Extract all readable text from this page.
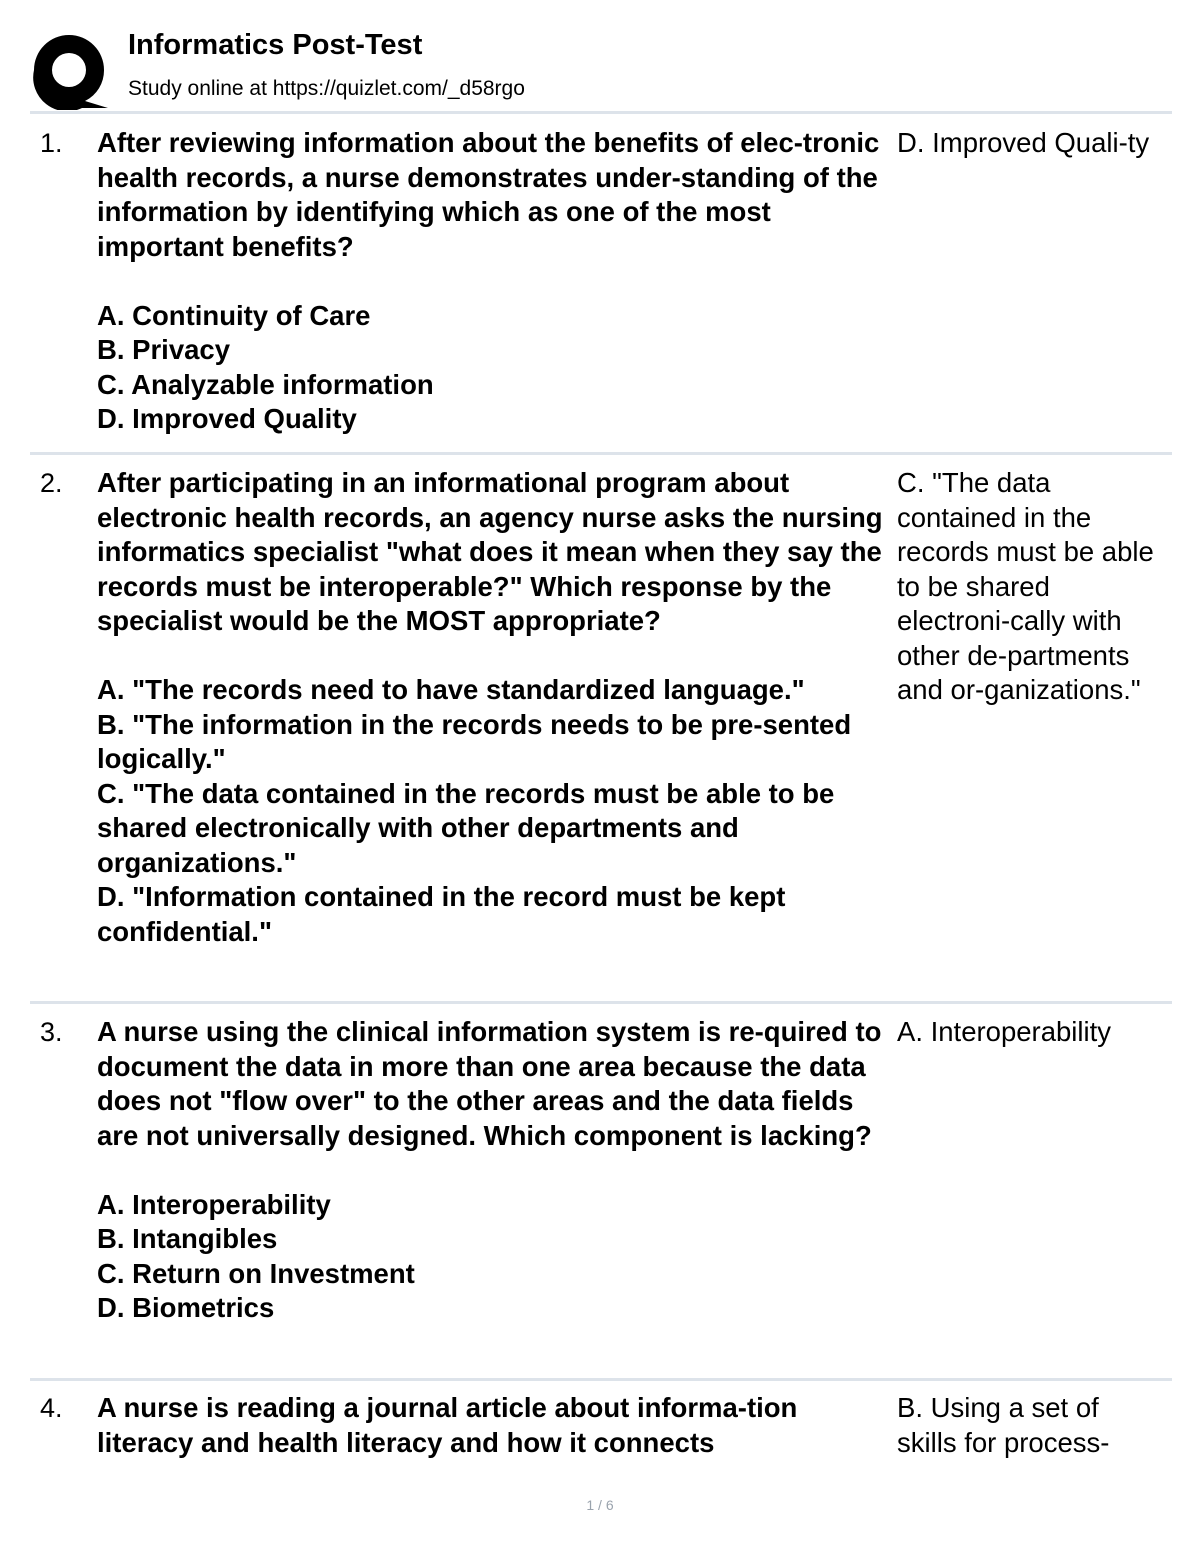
Informatics Post-Test
Study online at https://quizlet.com/_d58rgo
1. After reviewing information about the benefits of elec-tronic health records, a nurse demonstrates under-standing of the information by identifying which as one of the most important benefits?

A. Continuity of Care
B. Privacy
C. Analyzable information
D. Improved Quality

D. Improved Quali-ty
2. After participating in an informational program about electronic health records, an agency nurse asks the nursing informatics specialist "what does it mean when they say the records must be interoperable?" Which response by the specialist would be the MOST appropriate?

A. "The records need to have standardized language."
B. "The information in the records needs to be pre-sented logically."
C. "The data contained in the records must be able to be shared electronically with other departments and organizations."
D. "Information contained in the record must be kept confidential."

C. "The data contained in the records must be able to be shared electroni-cally with other de-partments and or-ganizations."
3. A nurse using the clinical information system is re-quired to document the data in more than one area because the data does not "flow over" to the other areas and the data fields are not universally designed. Which component is lacking?

A. Interoperability
B. Intangibles
C. Return on Investment
D. Biometrics

A. Interoperability
4. A nurse is reading a journal article about informa-tion literacy and health literacy and how it connects

B. Using a set of skills for process-
1 / 6
